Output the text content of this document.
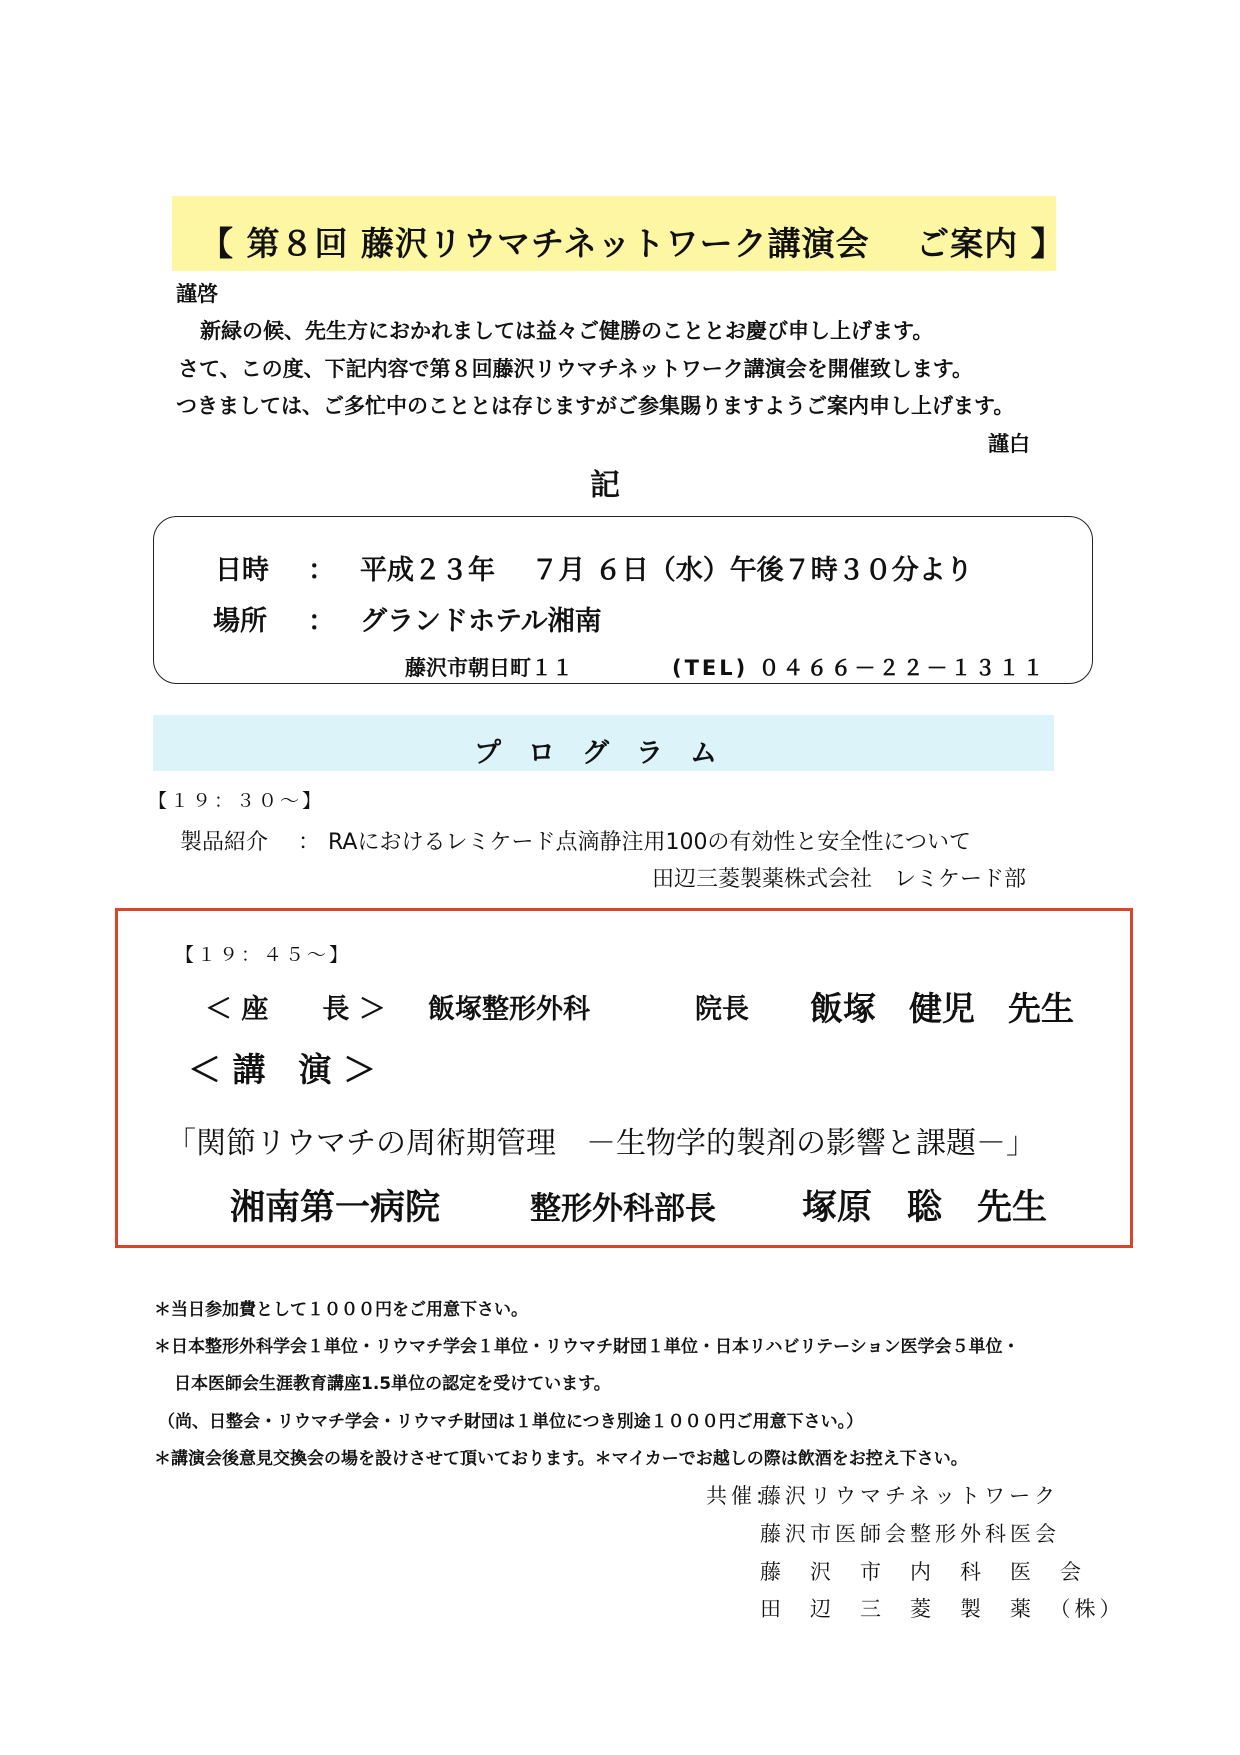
【 第８回 藤沢リウマチネットワーク講演会　 ご案内 】
謹啓
新緑の候、先生方におかれましては益々ご健勝のこととお慶び申し上げます。
さて、この度、下記内容で第８回藤沢リウマチネットワーク講演会を開催致します。
つきましては、ご多忙中のこととは存じますがご参集賜りますようご案内申し上げます。
謹白
記
日時 ： 平成２３年　 ７月 ６日（水）午後７時３０分より
場所 ： グランドホテル湘南
藤沢市朝日町１１	(TEL) ０４６６－２２－１３１１
プ　ロ　グ　ラ　ム
【１９：３０～】
製品紹介 ： RAにおけるレミケード点滴静注用100の有効性と安全性について
田辺三菱製薬株式会社　レミケード部
【１９：４５～】
＜ 座　　長 ＞ 飯塚整形外科	院長 飯塚　健児　先生
＜ 講　演 ＞
「関節リウマチの周術期管理　－生物学的製剤の影響と課題－」
湘南第一病院	整形外科部長 塚原　聡　先生
＊当日参加費として１０００円をご用意下さい。
＊日本整形外科学会１単位・リウマチ学会１単位・リウマチ財団１単位・日本リハビリテーション医学会５単位・
日本医師会生涯教育講座1.5単位の認定を受けています。
（尚、日整会・リウマチ学会・リウマチ財団は１単位につき別途１０００円ご用意下さい。）
＊講演会後意見交換会の場を設けさせて頂いております。＊マイカーでお越しの際は飲酒をお控え下さい。
共催:
藤沢リウマチネットワーク
藤沢市医師会整形外科医会
藤　沢　市　内　科　医　会
田　辺　三　菱　製　薬　（株）
